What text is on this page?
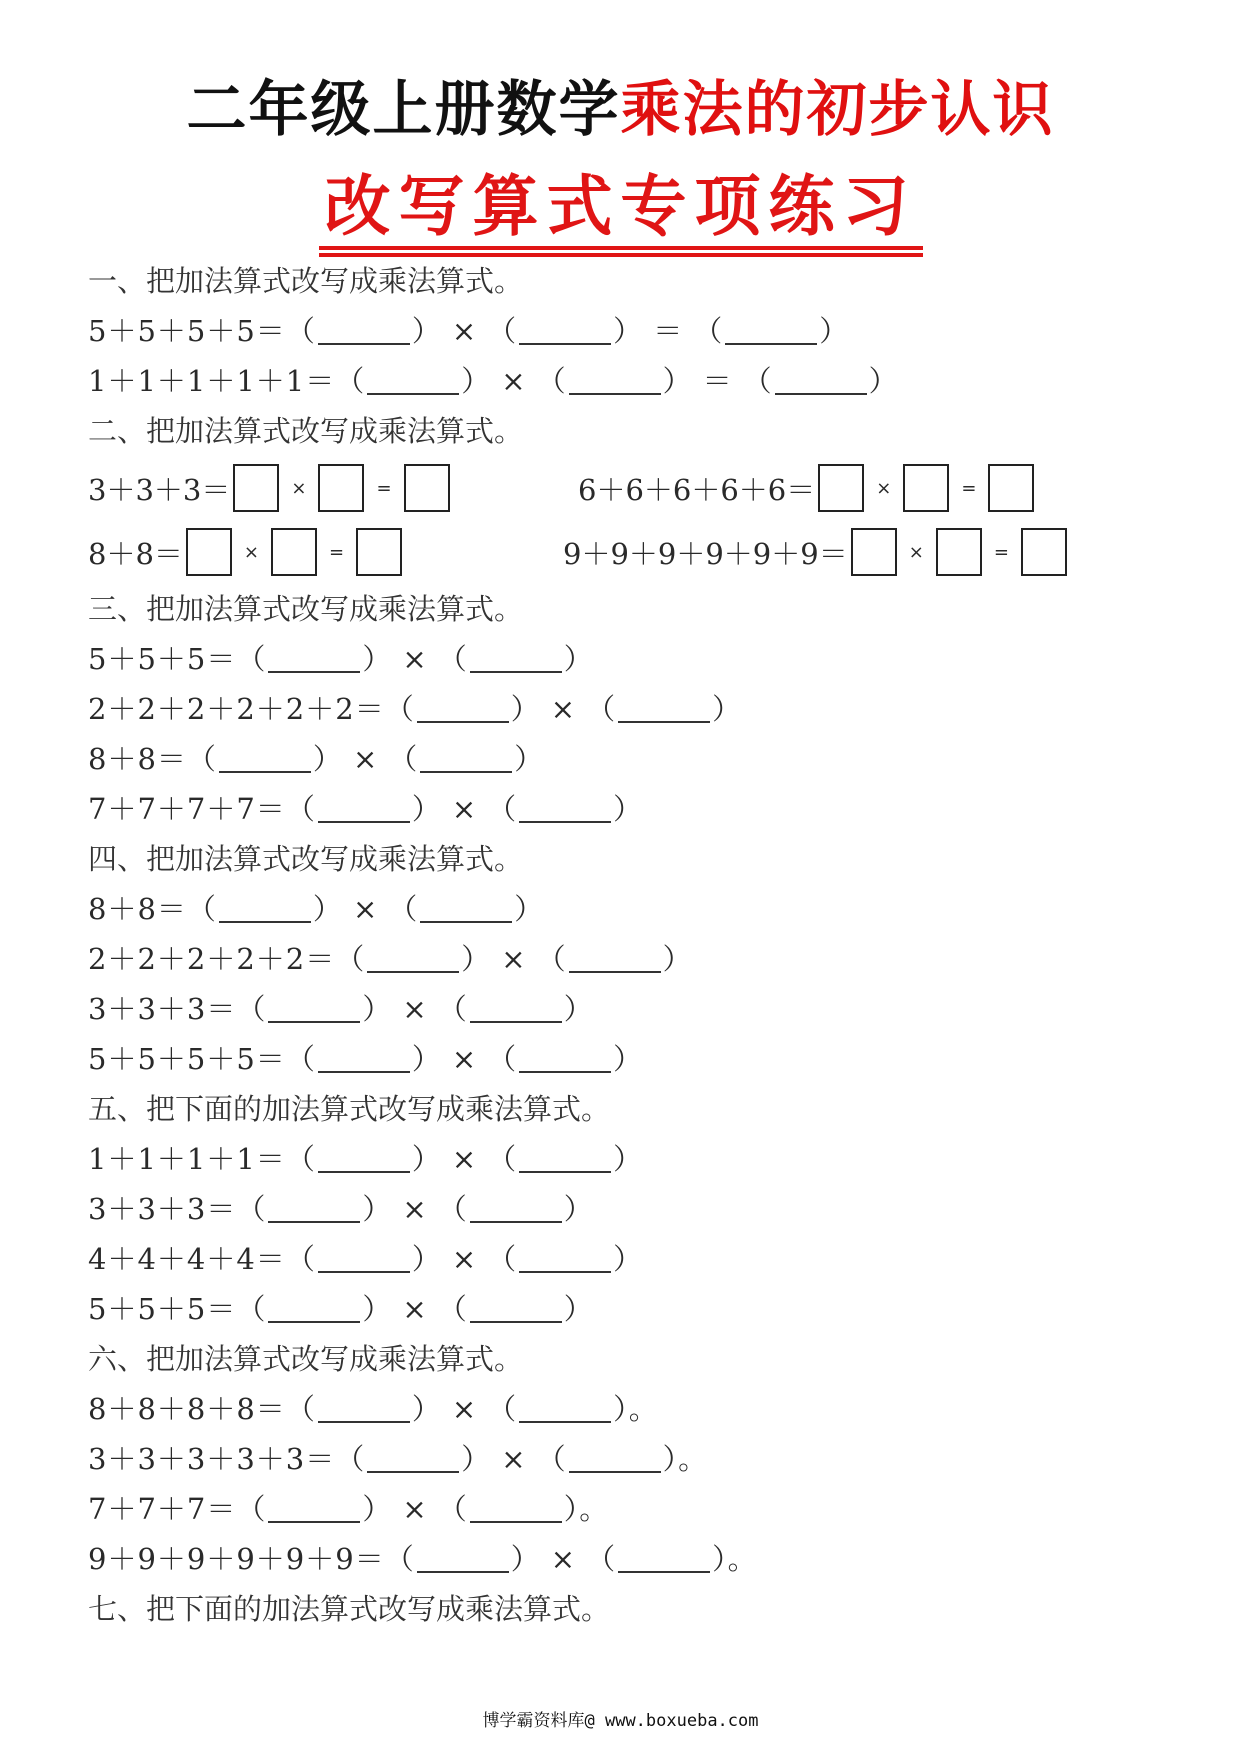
二年级上册数学乘法的初步认识
改写算式专项练习
一、把加法算式改写成乘法算式。
5＋5＋5＋5＝（	） × （	） ＝ （	）
1＋1＋1＋1＋1＝（	） × （	） ＝ （	）
二、把加法算式改写成乘法算式。
3＋3＋3＝	×	=	6＋6＋6＋6＋6＝	×	=
8＋8＝	×	=	9＋9＋9＋9＋9＋9＝	×	=
三、把加法算式改写成乘法算式。
5＋5＋5＝（	） × （	）
2＋2＋2＋2＋2＋2＝（	） × （	）
8＋8＝（	） × （	）
7＋7＋7＋7＝（	） × （	）
四、把加法算式改写成乘法算式。
8＋8＝（	） × （	）
2＋2＋2＋2＋2＝（	） × （	）
3＋3＋3＝（	） × （	）
5＋5＋5＋5＝（	） × （	）
五、把下面的加法算式改写成乘法算式。
1＋1＋1＋1＝（	） × （	）
3＋3＋3＝（	） × （	）
4＋4＋4＋4＝（	） × （	）
5＋5＋5＝（	） × （	）
六、把加法算式改写成乘法算式。
8＋8＋8＋8＝（	） × （	）。
3＋3＋3＋3＋3＝（	） × （	）。
7＋7＋7＝（	） × （	）。
9＋9＋9＋9＋9＋9＝（	） × （	）。
七、把下面的加法算式改写成乘法算式。
博学霸资料库@ www.boxueba.com
